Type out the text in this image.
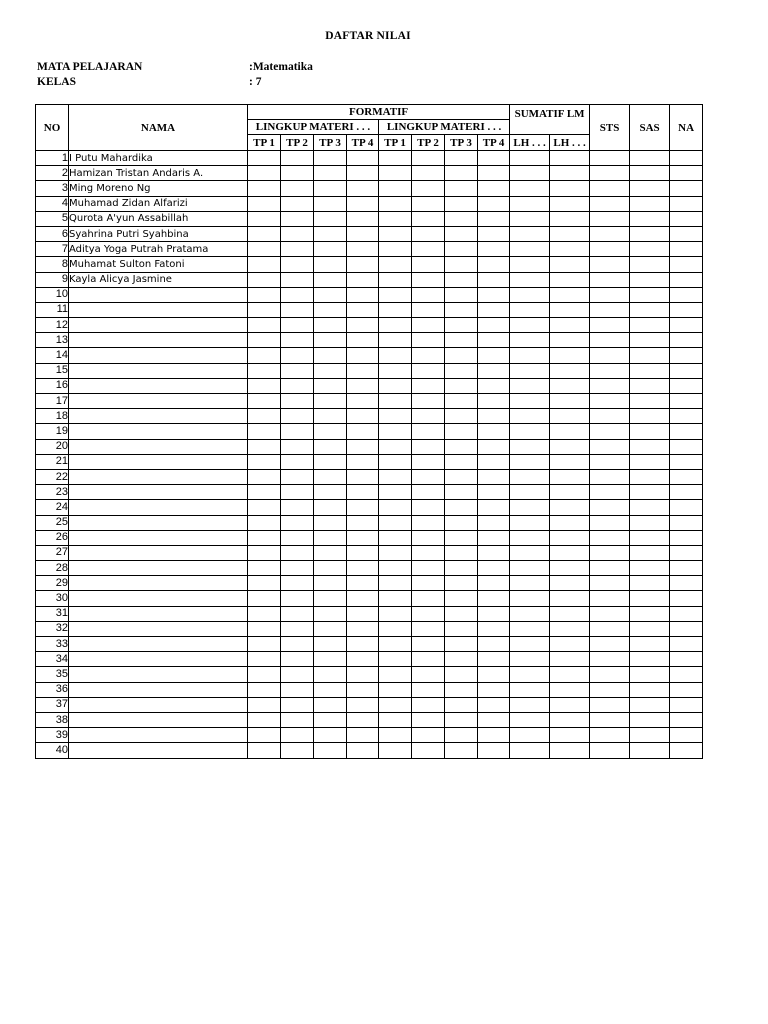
DAFTAR NILAI
MATA PELAJARAN	:Matematika
KELAS	: 7
NO	NAMA	FORMATIF								SUMATIF LM		STS	SAS	NA
		LINGKUP MATERI . . .				LINGKUP MATERI . . .								
		TP 1	TP 2	TP 3	TP 4	TP 1	TP 2	TP 3	TP 4	LH . . .	LH . . .			
1	I Putu Mahardika													
2	Hamizan Tristan Andaris A.													
3	Ming Moreno Ng													
4	Muhamad Zidan Alfarizi													
5	Qurota A'yun Assabillah													
6	Syahrina Putri Syahbina													
7	Aditya Yoga Putrah Pratama													
8	Muhamat Sulton Fatoni													
9	Kayla Alicya Jasmine													
10														
11														
12														
13														
14														
15														
16														
17														
18														
19														
20														
21														
22														
23														
24														
25														
26														
27														
28														
29														
30														
31														
32														
33														
34														
35														
36														
37														
38														
39														
40														
